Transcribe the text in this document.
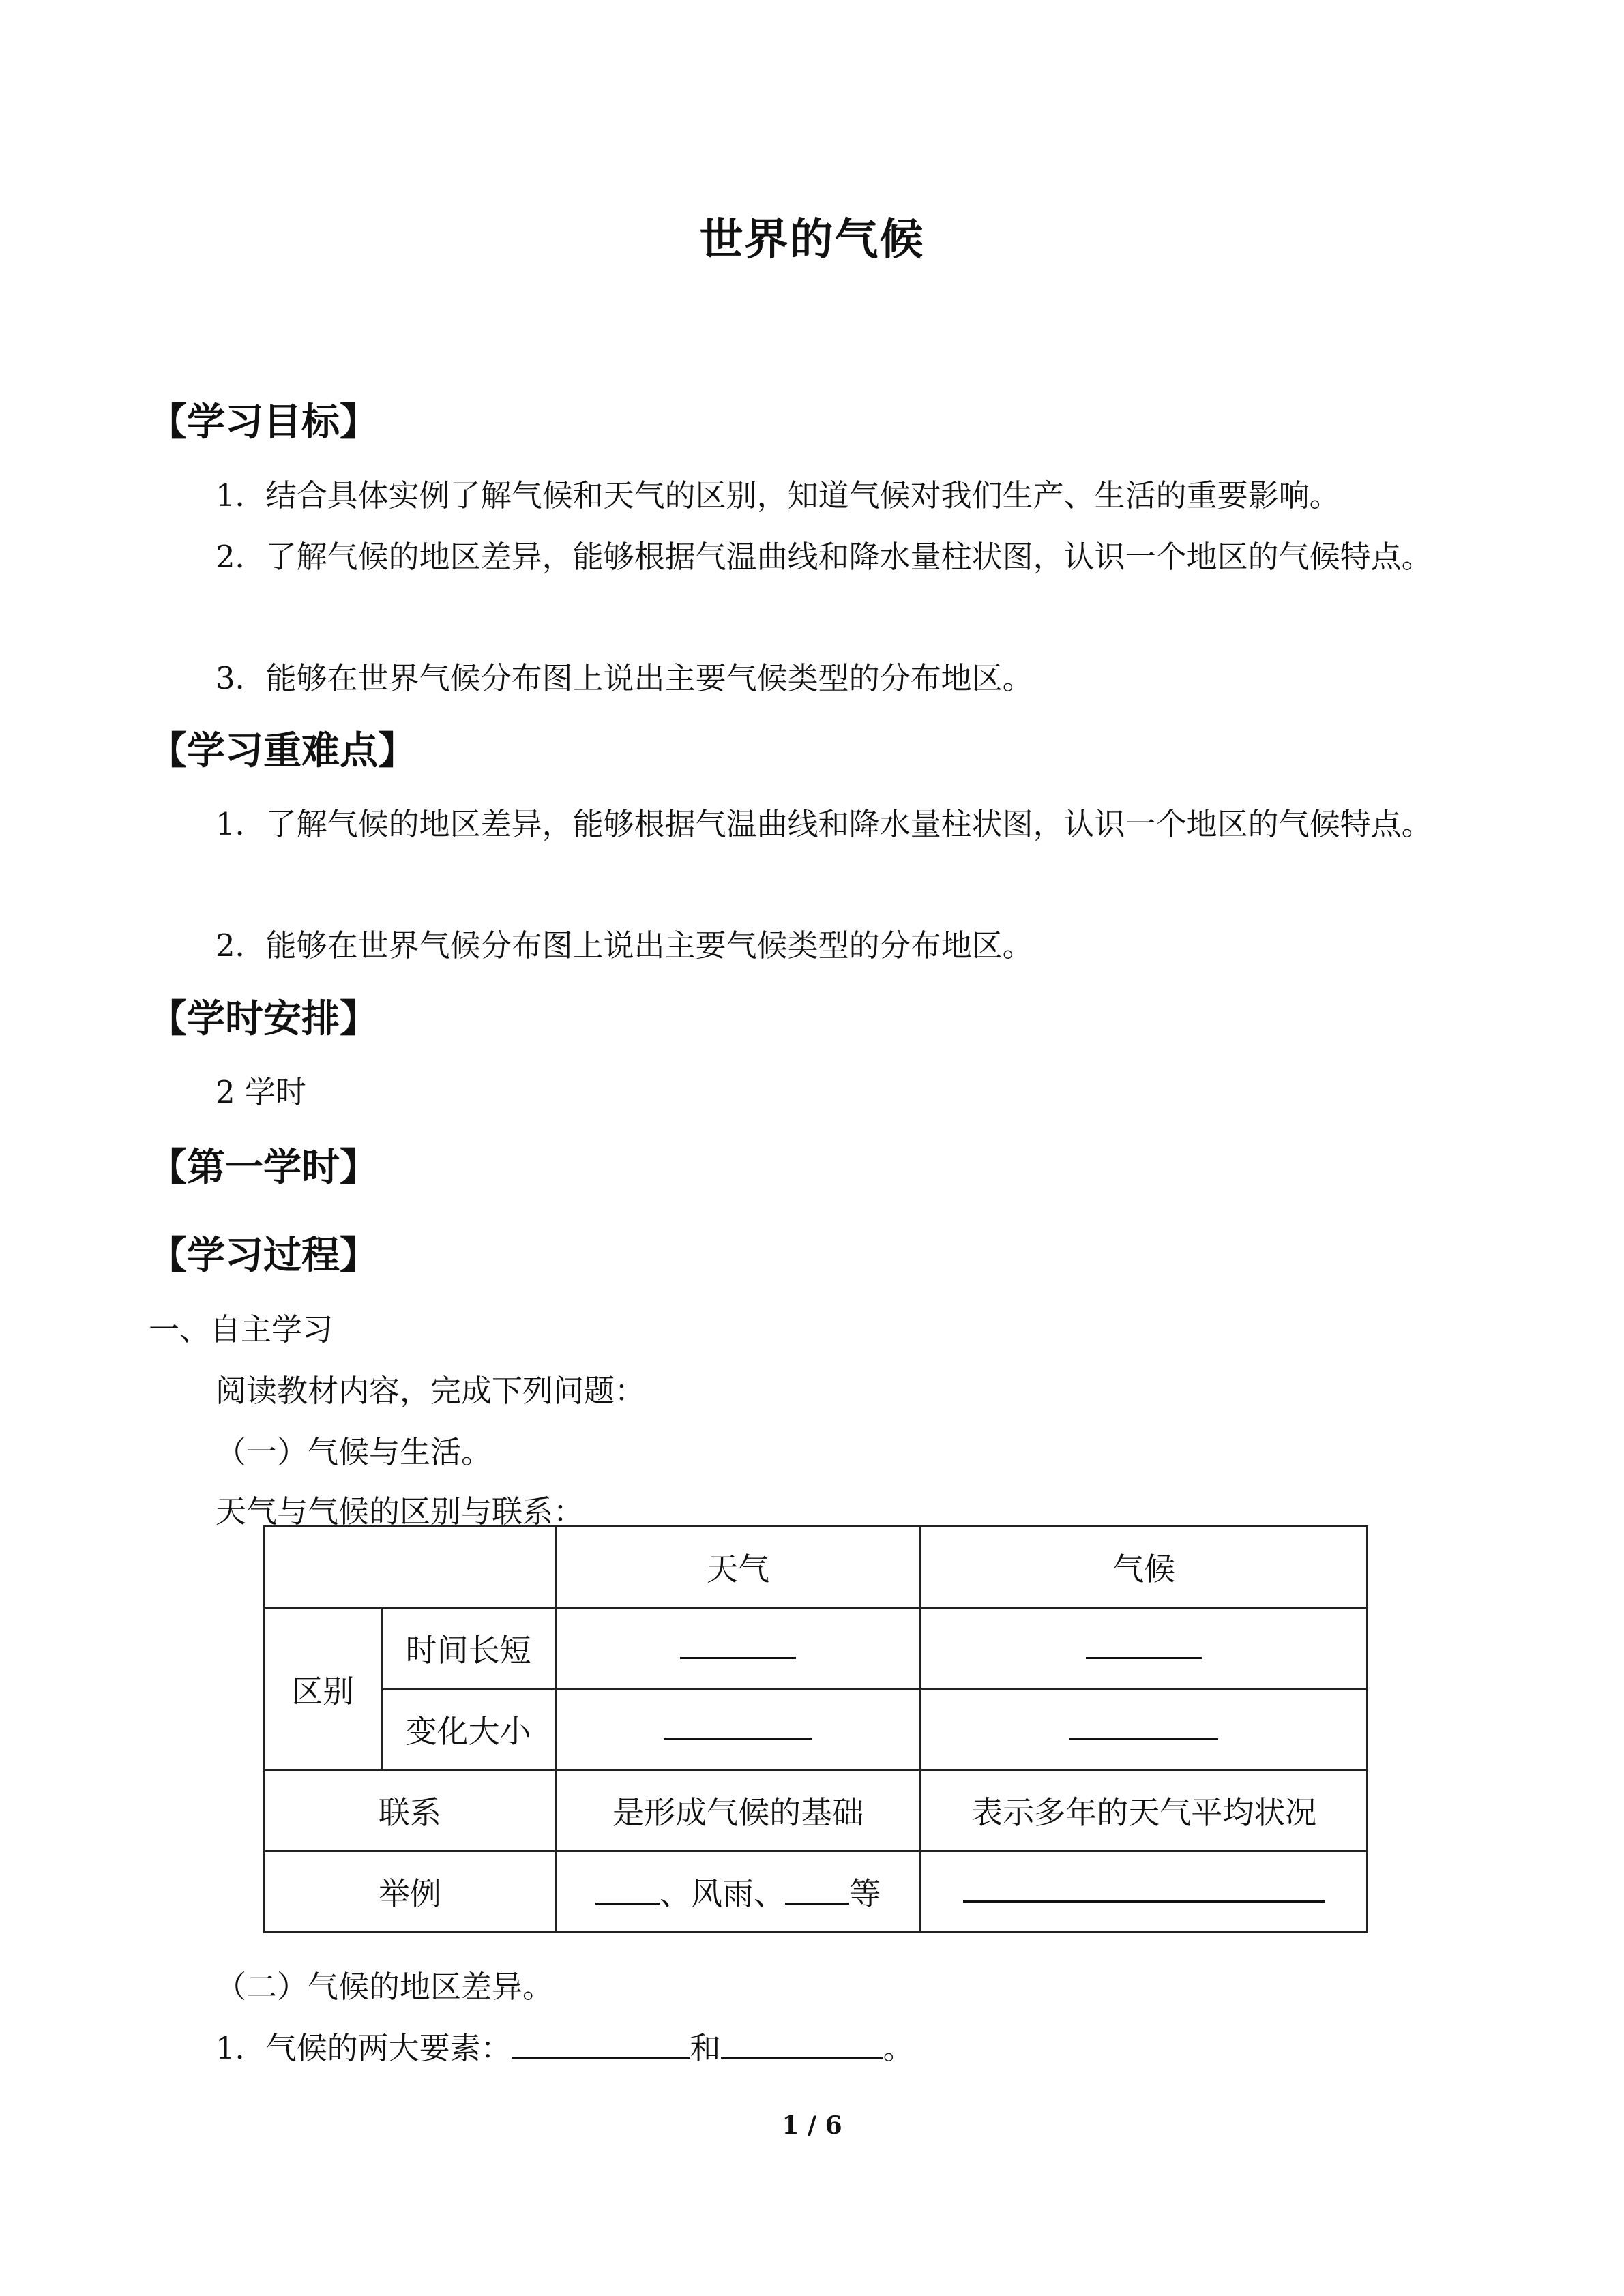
世界的气候
【学习目标】
1．结合具体实例了解气候和天气的区别，知道气候对我们生产、生活的重要影响。
2．了解气候的地区差异，能够根据气温曲线和降水量柱状图，认识一个地区的气候特点。
3．能够在世界气候分布图上说出主要气候类型的分布地区。
【学习重难点】
1．了解气候的地区差异，能够根据气温曲线和降水量柱状图，认识一个地区的气候特点。
2．能够在世界气候分布图上说出主要气候类型的分布地区。
【学时安排】
2 学时
【第一学时】
【学习过程】
一、自主学习
阅读教材内容，完成下列问题：
（一）气候与生活。
天气与气候的区别与联系：
		天气	气候
区别	时间长短		
	变化大小		
联系		是形成气候的基础	表示多年的天气平均状况
举例		、风雨、 等	
（二）气候的地区差异。
1．气候的两大要素：	和	。
1 / 6
